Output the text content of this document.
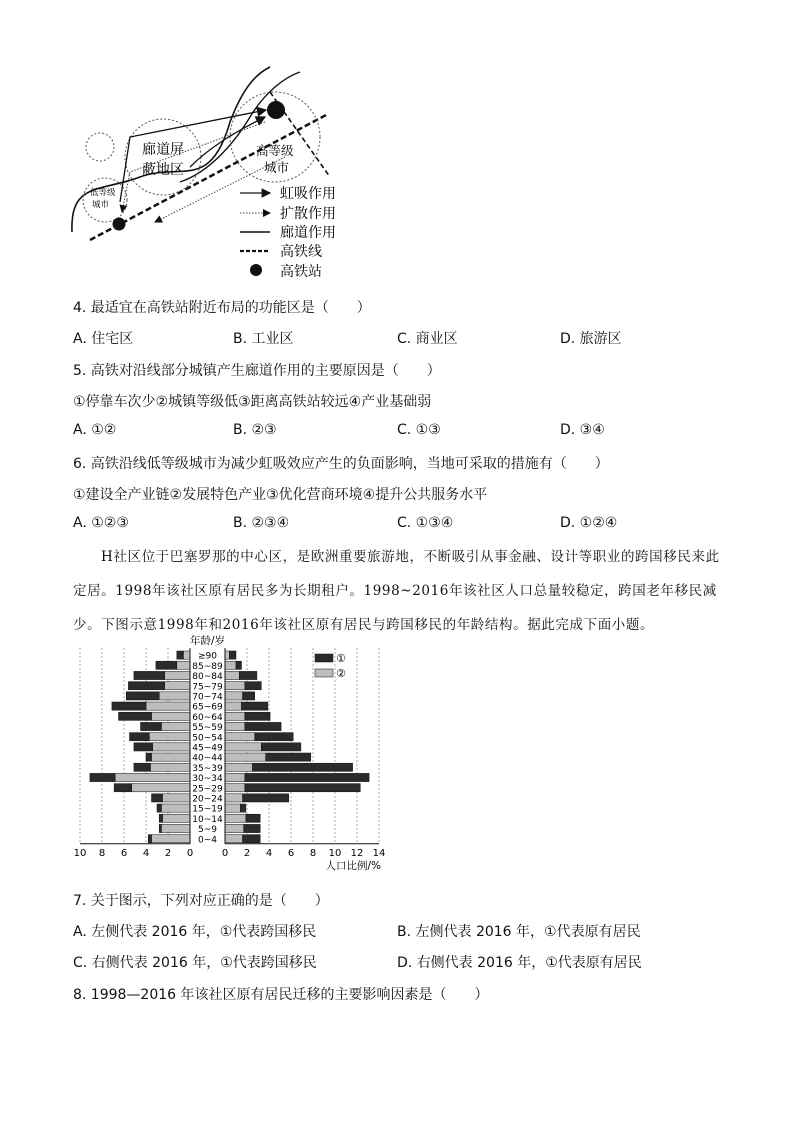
廊道屏
蔽地区
高等级
城市
低等级
城市
虹吸作用
扩散作用
廊道作用
高铁线
高铁站
4. 最适宜在高铁站附近布局的功能区是（　　）
A. 住宅区	B. 工业区	C. 商业区	D. 旅游区
5. 高铁对沿线部分城镇产生廊道作用的主要原因是（　　）
①停靠车次少②城镇等级低③距离高铁站较远④产业基础弱
A. ①②	B. ②③	C. ①③	D. ③④
6. 高铁沿线低等级城市为减少虹吸效应产生的负面影响，当地可采取的措施有（　　）
①建设全产业链②发展特色产业③优化营商环境④提升公共服务水平
A. ①②③	B. ②③④	C. ①③④	D. ①②④
H社区位于巴塞罗那的中心区，是欧洲重要旅游地，不断吸引从事金融、设计等职业的跨国移民来此定居。1998年该社区原有居民多为长期租户。1998~2016年该社区人口总量较稳定，跨国老年移民减少。下图示意1998年和2016年该社区原有居民与跨国移民的年龄结构。据此完成下面小题。
0~4
5~9
10~14
15~19
20~24
25~29
30~34
35~39
40~44
45~49
50~54
55~59
60~64
65~69
70~74
75~79
80~84
85~89
≥90
10 8 6 4 2 0	0 2 4 6 8 10 12 14
年龄/岁
人口比例/%
①
②
7. 关于图示，下列对应正确的是（　　）
A. 左侧代表 2016 年，①代表跨国移民	B. 左侧代表 2016 年，①代表原有居民
C. 右侧代表 2016 年，①代表跨国移民	D. 右侧代表 2016 年，①代表原有居民
8. 1998—2016 年该社区原有居民迁移的主要影响因素是（　　）
